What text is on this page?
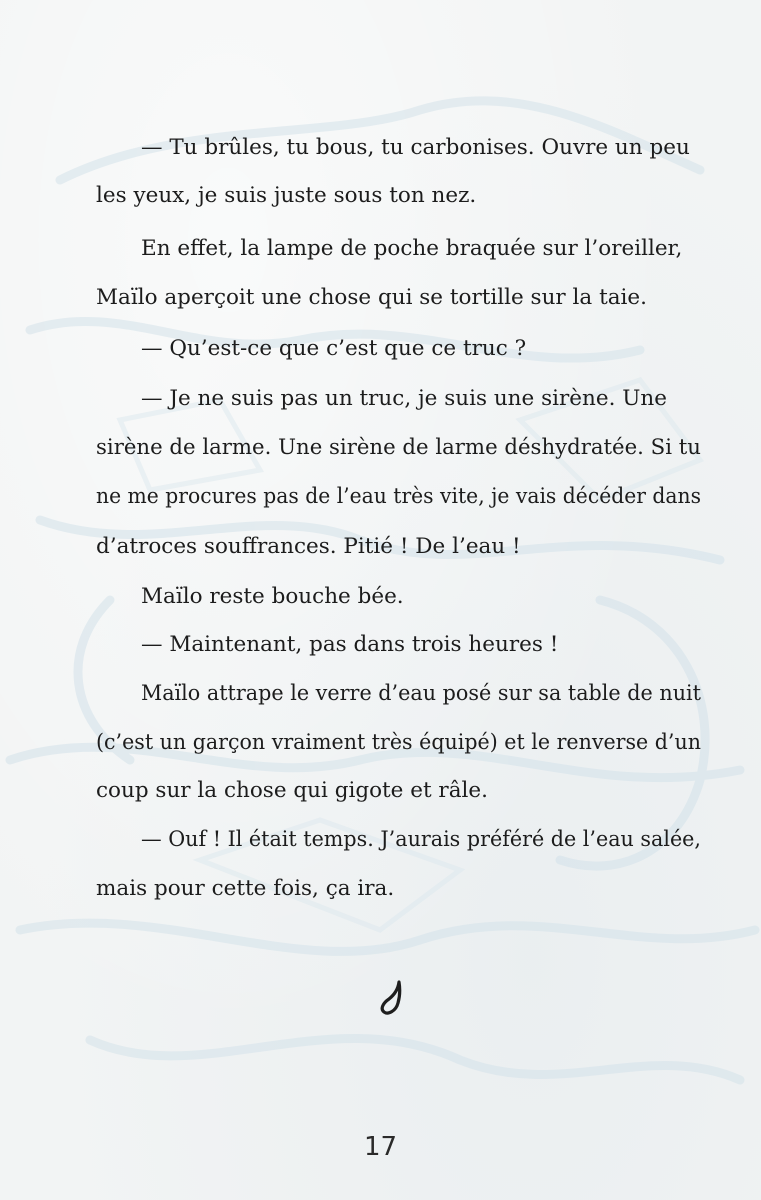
— Tu brûles, tu bous, tu carbonises. Ouvre un peu
les yeux, je suis juste sous ton nez.
En effet, la lampe de poche braquée sur l’oreiller,
Maïlo aperçoit une chose qui se tortille sur la taie.
— Qu’est-ce que c’est que ce truc ?
— Je ne suis pas un truc, je suis une sirène. Une
sirène de larme. Une sirène de larme déshydratée. Si tu
ne me procures pas de l’eau très vite, je vais décéder dans
d’atroces souffrances. Pitié ! De l’eau !
Maïlo reste bouche bée.
— Maintenant, pas dans trois heures !
Maïlo attrape le verre d’eau posé sur sa table de nuit
(c’est un garçon vraiment très équipé) et le renverse d’un
coup sur la chose qui gigote et râle.
— Ouf ! Il était temps. J’aurais préféré de l’eau salée,
mais pour cette fois, ça ira.
17
